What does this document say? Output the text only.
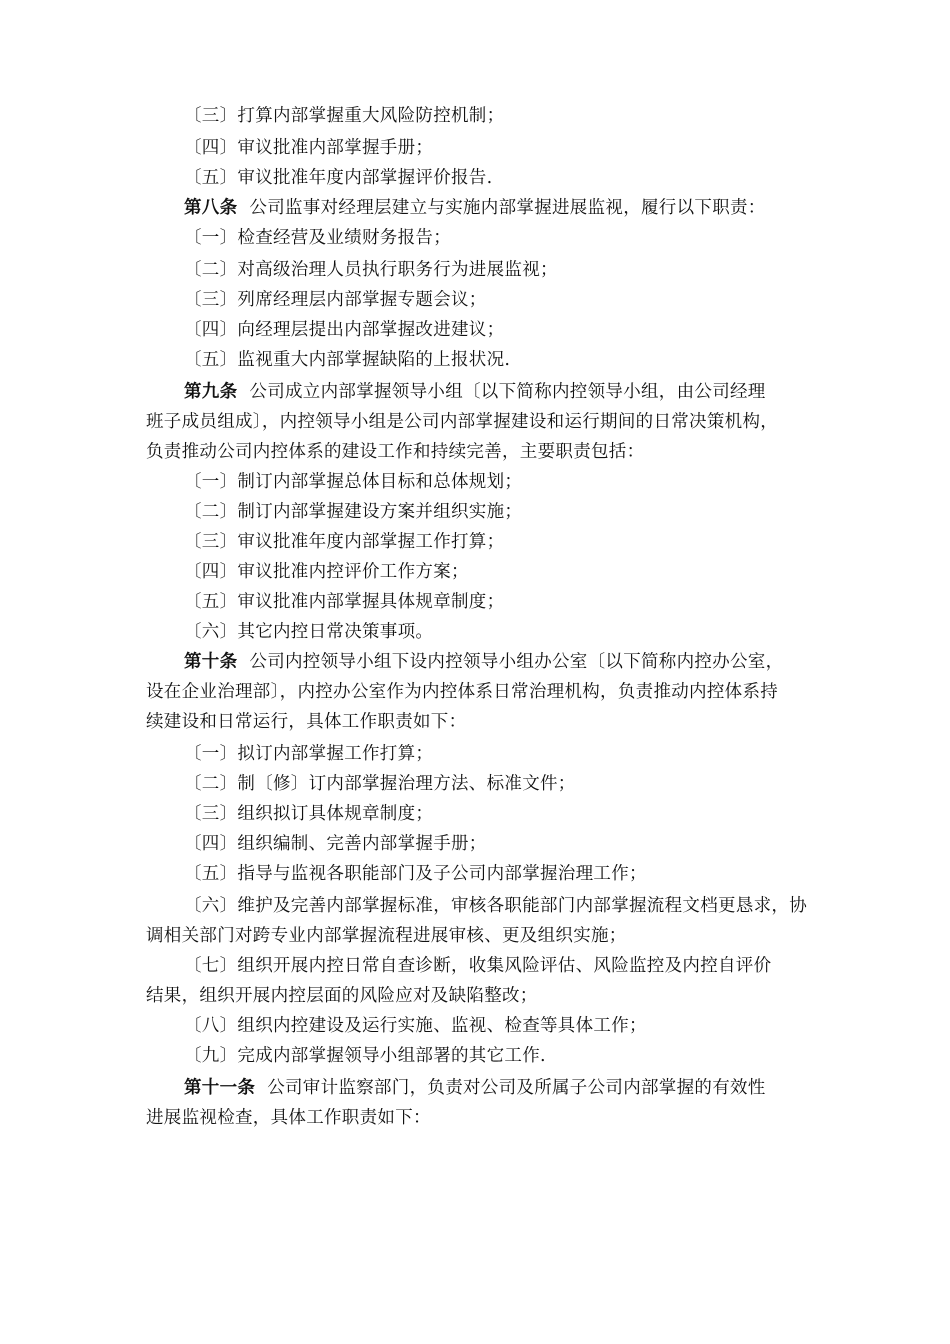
〔三〕打算内部掌握重大风险防控机制；
〔四〕审议批准内部掌握手册；
〔五〕审议批准年度内部掌握评价报告.
第八条 公司监事对经理层建立与实施内部掌握进展监视，履行以下职责：
〔一〕检查经营及业绩财务报告；
〔二〕对高级治理人员执行职务行为进展监视；
〔三〕列席经理层内部掌握专题会议；
〔四〕向经理层提出内部掌握改进建议；
〔五〕监视重大内部掌握缺陷的上报状况.
第九条 公司成立内部掌握领导小组〔以下简称内控领导小组，由公司经理
班子成员组成〕，内控领导小组是公司内部掌握建设和运行期间的日常决策机构，
负责推动公司内控体系的建设工作和持续完善，主要职责包括：
〔一〕制订内部掌握总体目标和总体规划；
〔二〕制订内部掌握建设方案并组织实施；
〔三〕审议批准年度内部掌握工作打算；
〔四〕审议批准内控评价工作方案；
〔五〕审议批准内部掌握具体规章制度；
〔六〕其它内控日常决策事项。
第十条 公司内控领导小组下设内控领导小组办公室〔以下简称内控办公室，
设在企业治理部〕，内控办公室作为内控体系日常治理机构，负责推动内控体系持
续建设和日常运行，具体工作职责如下：
〔一〕拟订内部掌握工作打算；
〔二〕制〔修〕订内部掌握治理方法、标准文件；
〔三〕组织拟订具体规章制度；
〔四〕组织编制、完善内部掌握手册；
〔五〕指导与监视各职能部门及子公司内部掌握治理工作；
〔六〕维护及完善内部掌握标准，审核各职能部门内部掌握流程文档更恳求，协
调相关部门对跨专业内部掌握流程进展审核、更及组织实施；
〔七〕组织开展内控日常自查诊断，收集风险评估、风险监控及内控自评价
结果，组织开展内控层面的风险应对及缺陷整改；
〔八〕组织内控建设及运行实施、监视、检查等具体工作；
〔九〕完成内部掌握领导小组部署的其它工作.
第十一条 公司审计监察部门，负责对公司及所属子公司内部掌握的有效性
进展监视检查，具体工作职责如下：
